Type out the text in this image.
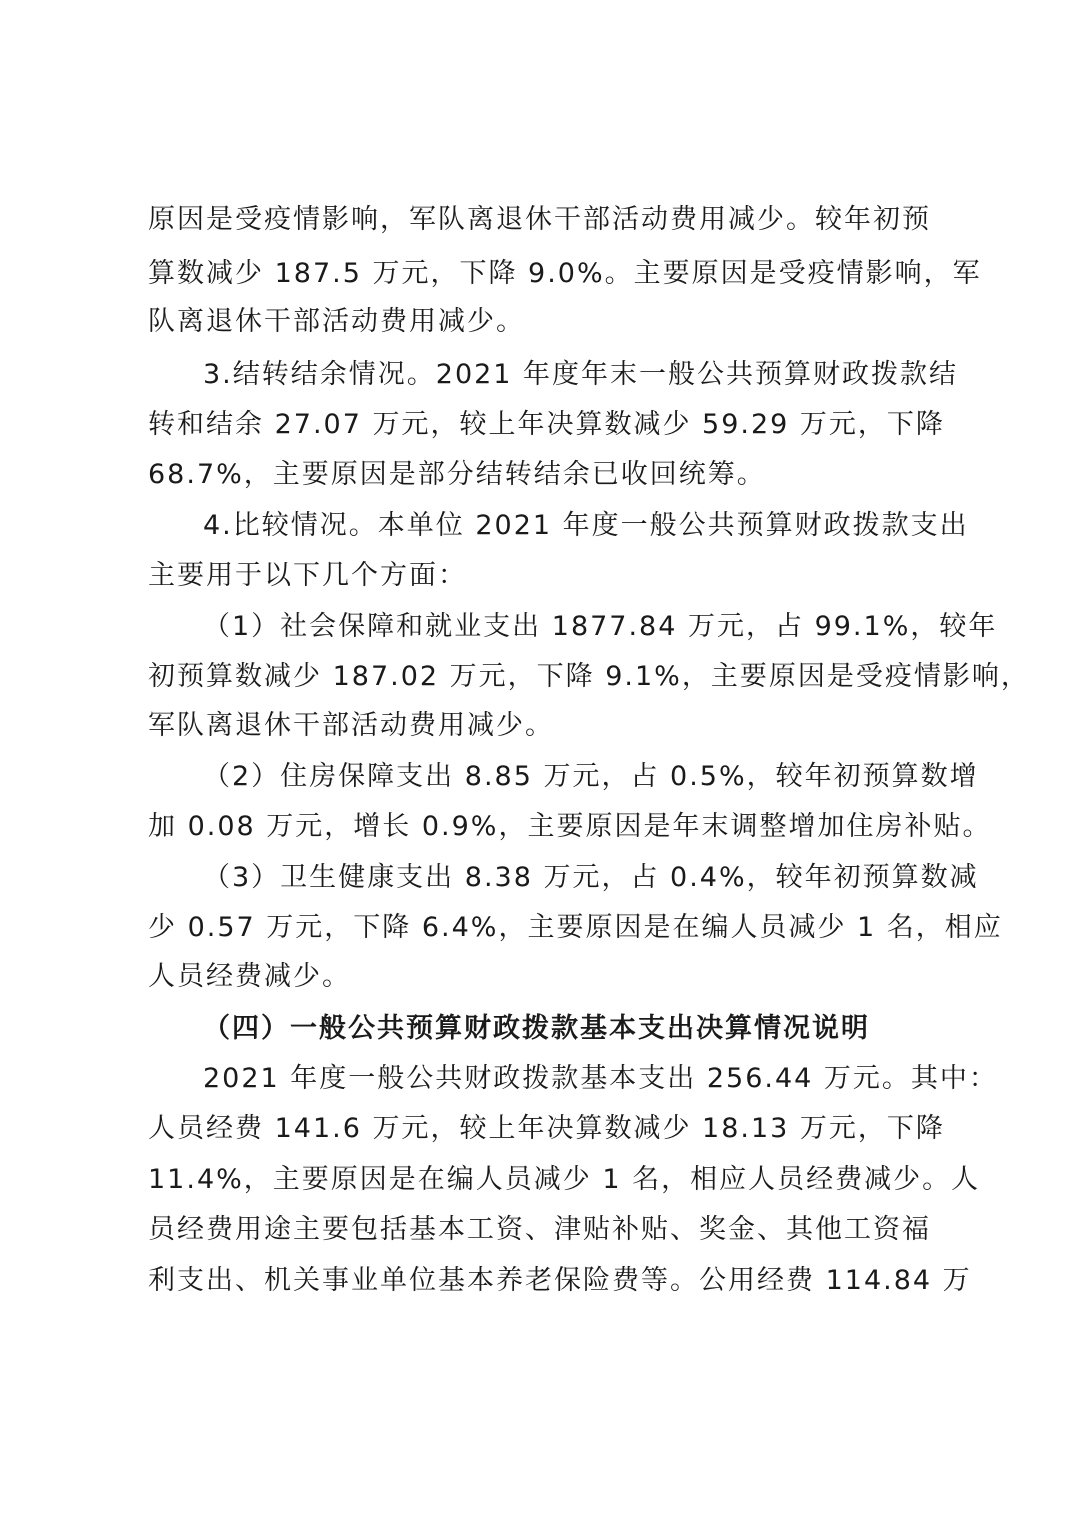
原因是受疫情影响，军队离退休干部活动费用减少。较年初预
算数减少 187.5 万元，下降 9.0%。主要原因是受疫情影响，军
队离退休干部活动费用减少。
3.结转结余情况。2021 年度年末一般公共预算财政拨款结
转和结余 27.07 万元，较上年决算数减少 59.29 万元，下降
68.7%，主要原因是部分结转结余已收回统筹。
4.比较情况。本单位 2021 年度一般公共预算财政拨款支出
主要用于以下几个方面：
（1）社会保障和就业支出 1877.84 万元，占 99.1%，较年
初预算数减少 187.02 万元，下降 9.1%，主要原因是受疫情影响，
军队离退休干部活动费用减少。
（2）住房保障支出 8.85 万元，占 0.5%，较年初预算数增
加 0.08 万元，增长 0.9%，主要原因是年末调整增加住房补贴。
（3）卫生健康支出 8.38 万元，占 0.4%，较年初预算数减
少 0.57 万元，下降 6.4%，主要原因是在编人员减少 1 名，相应
人员经费减少。
（四）一般公共预算财政拨款基本支出决算情况说明
2021 年度一般公共财政拨款基本支出 256.44 万元。其中：
人员经费 141.6 万元，较上年决算数减少 18.13 万元，下降
11.4%，主要原因是在编人员减少 1 名，相应人员经费减少。人
员经费用途主要包括基本工资、津贴补贴、奖金、其他工资福
利支出、机关事业单位基本养老保险费等。公用经费 114.84 万
